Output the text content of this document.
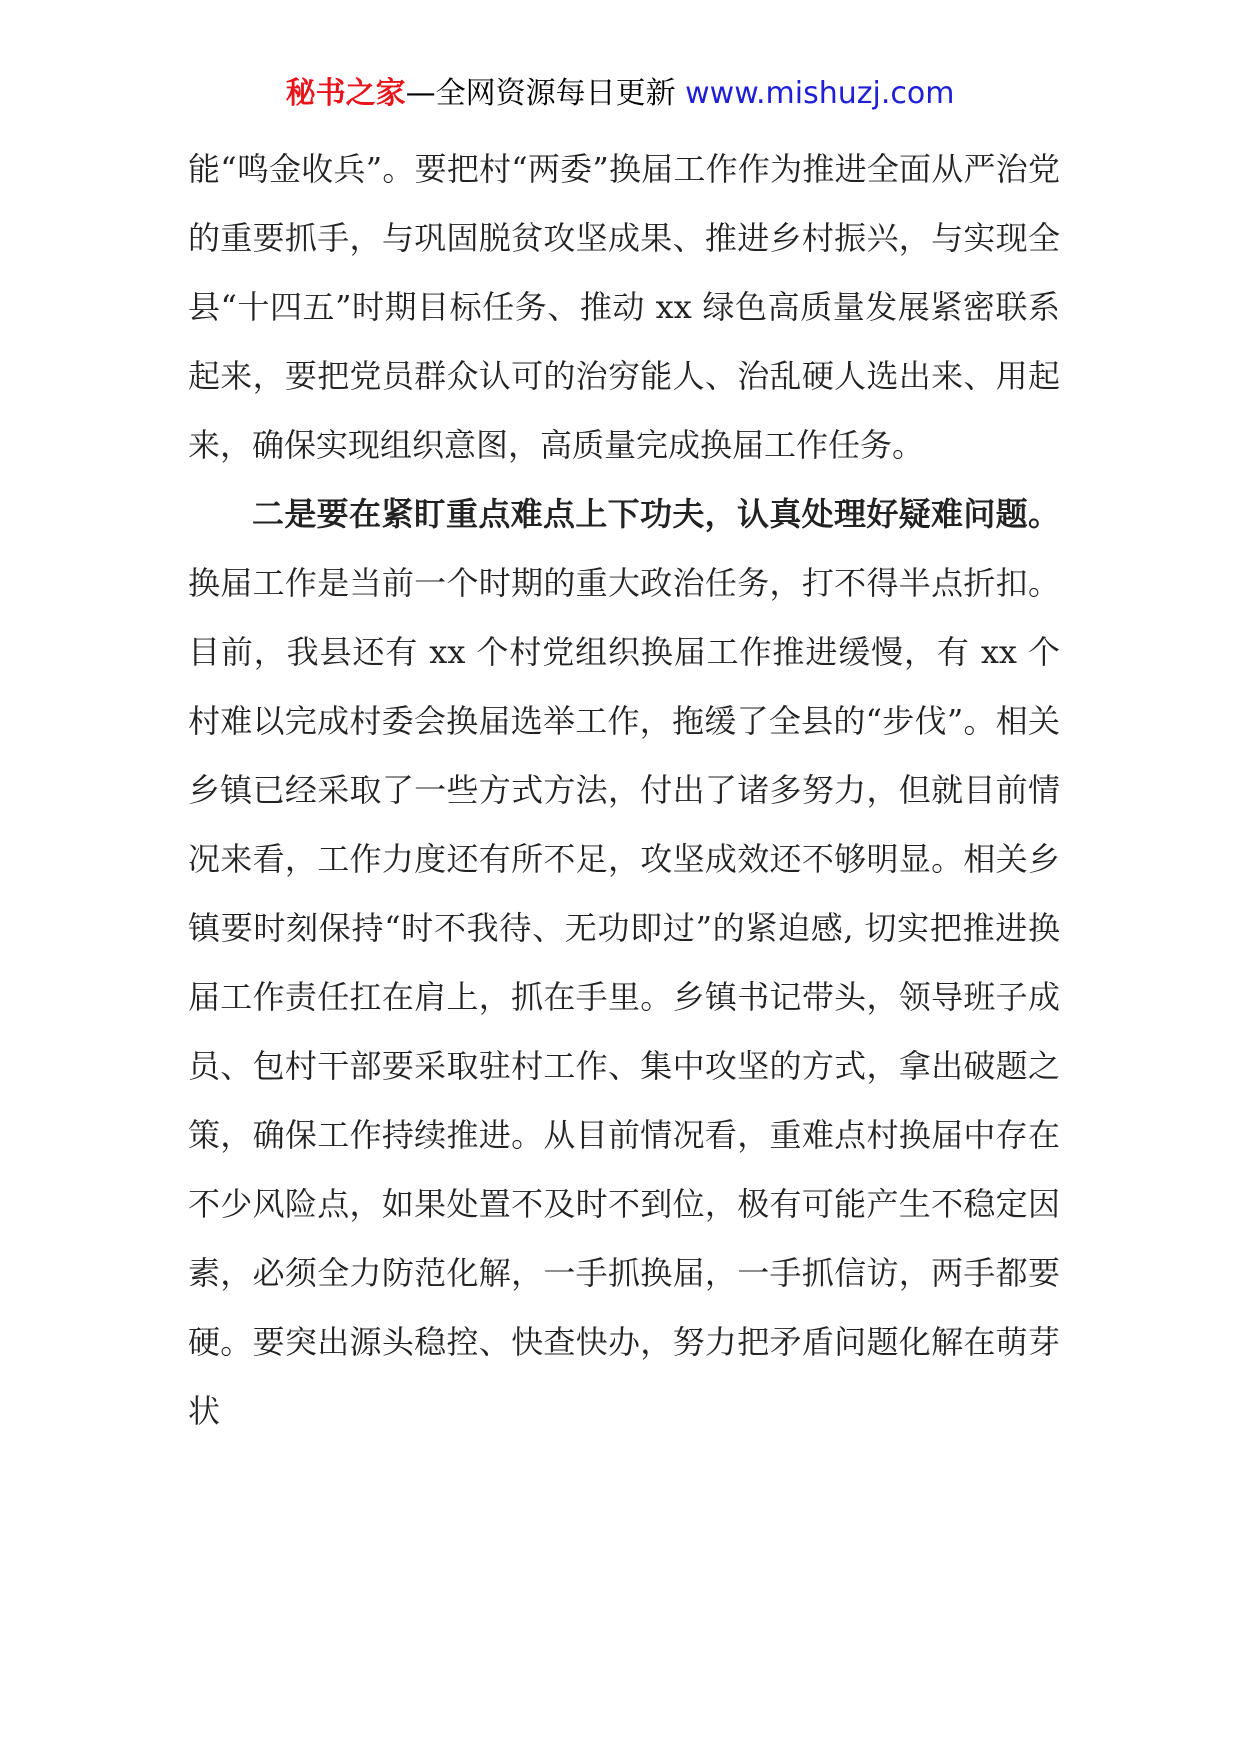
秘书之家—全网资源每日更新 www.mishuzj.com

能“鸣金收兵”。要把村“两委”换届工作作为推进全面从严治党的重要抓手，与巩固脱贫攻坚成果、推进乡村振兴，与实现全县“十四五”时期目标任务、推动 xx 绿色高质量发展紧密联系起来，要把党员群众认可的治穷能人、治乱硬人选出来、用起来，确保实现组织意图，高质量完成换届工作任务。

二是要在紧盯重点难点上下功夫，认真处理好疑难问题。换届工作是当前一个时期的重大政治任务，打不得半点折扣。目前，我县还有 xx 个村党组织换届工作推进缓慢，有 xx 个村难以完成村委会换届选举工作，拖缓了全县的“步伐”。相关乡镇已经采取了一些方式方法，付出了诸多努力，但就目前情况来看，工作力度还有所不足，攻坚成效还不够明显。相关乡镇要时刻保持“时不我待、无功即过”的紧迫感, 切实把推进换届工作责任扛在肩上，抓在手里。乡镇书记带头，领导班子成员、包村干部要采取驻村工作、集中攻坚的方式，拿出破题之策，确保工作持续推进。从目前情况看，重难点村换届中存在不少风险点，如果处置不及时不到位，极有可能产生不稳定因素，必须全力防范化解，一手抓换届，一手抓信访，两手都要硬。要突出源头稳控、快查快办，努力把矛盾问题化解在萌芽状
